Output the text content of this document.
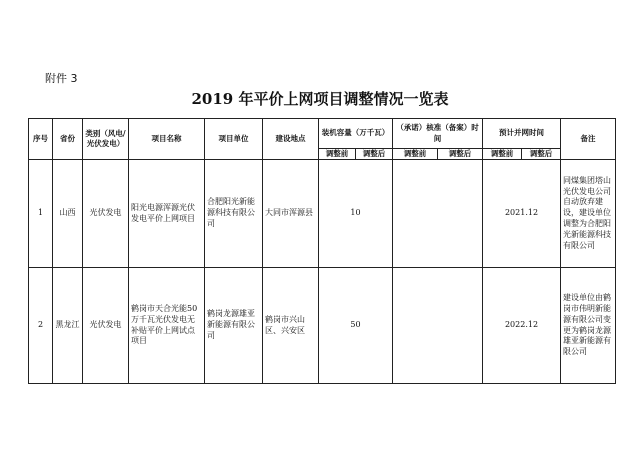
附件 3
2019 年平价上网项目调整情况一览表
序号	省份	类别（风电/光伏发电）	项目名称	项目单位	建设地点	装机容量（万千瓦）		（承诺）核准（备案）时间		预计并网时间		备注
						调整前	调整后	调整前	调整后	调整前	调整后	
1	山西	光伏发电	阳光电源浑源光伏发电平价上网项目	合肥阳光新能源科技有限公司	大同市浑源县	10				2021.12		同煤集团塔山光伏发电公司自动放弃建设，建设单位调整为合肥阳光新能源科技有限公司
2	黑龙江	光伏发电	鹤岗市天合光能50万千瓦光伏发电无补贴平价上网试点项目	鹤岗龙源雄亚新能源有限公司	鹤岗市兴山区、兴安区	50				2022.12		建设单位由鹤岗市伟明新能源有限公司变更为鹤岗龙源雄亚新能源有限公司
